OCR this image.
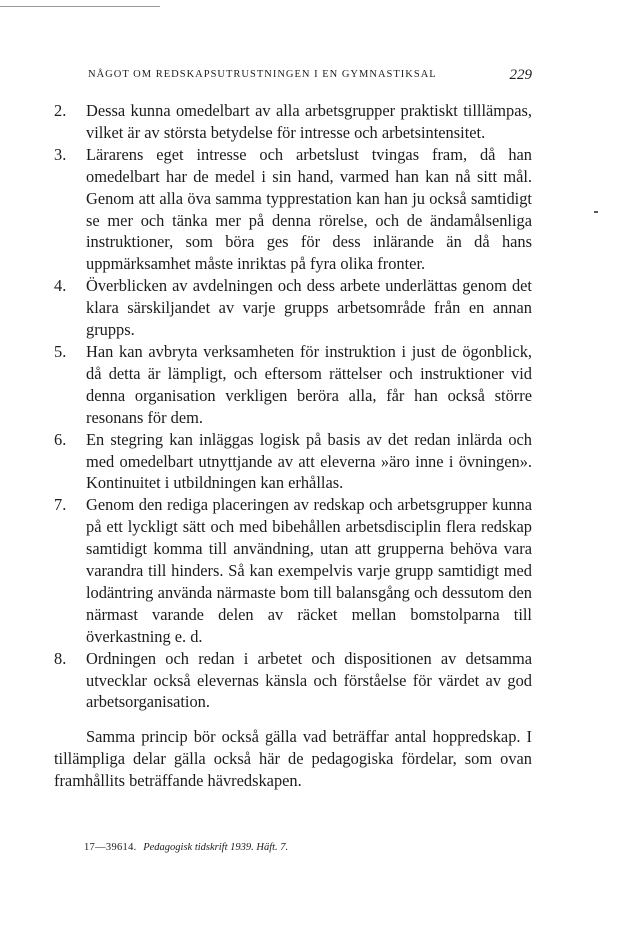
NÅGOT OM REDSKAPSUTRUSTNINGEN I EN GYMNASTIKSAL	229
2.	Dessa kunna omedelbart av alla arbetsgrupper praktiskt tilllämpas, vilket är av största betydelse för intresse och arbetsintensitet.
3.	Lärarens eget intresse och arbetslust tvingas fram, då han omedelbart har de medel i sin hand, varmed han kan nå sitt mål. Genom att alla öva samma typprestation kan han ju också samtidigt se mer och tänka mer på denna rörelse, och de ändamålsenliga instruktioner, som böra ges för dess inlärande än då hans uppmärksamhet måste inriktas på fyra olika fronter.
4.	Överblicken av avdelningen och dess arbete underlättas genom det klara särskiljandet av varje grupps arbetsområde från en annan grupps.
5.	Han kan avbryta verksamheten för instruktion i just de ögonblick, då detta är lämpligt, och eftersom rättelser och instruktioner vid denna organisation verkligen beröra alla, får han också större resonans för dem.
6.	En stegring kan inläggas logisk på basis av det redan inlärda och med omedelbart utnyttjande av att eleverna »äro inne i övningen». Kontinuitet i utbildningen kan erhållas.
7.	Genom den rediga placeringen av redskap och arbetsgrupper kunna på ett lyckligt sätt och med bibehållen arbetsdisciplin flera redskap samtidigt komma till användning, utan att grupperna behöva vara varandra till hinders. Så kan exempelvis varje grupp samtidigt med lodäntring använda närmaste bom till balansgång och dessutom den närmast varande delen av räcket mellan bomstolparna till överkastning e. d.
8.	Ordningen och redan i arbetet och dispositionen av detsamma utvecklar också elevernas känsla och förståelse för värdet av god arbetsorganisation.

Samma princip bör också gälla vad beträffar antal hoppredskap. I tillämpliga delar gälla också här de pedagogiska fördelar, som ovan framhållits beträffande hävredskapen.

17—39614. Pedagogisk tidskrift 1939. Häft. 7.
